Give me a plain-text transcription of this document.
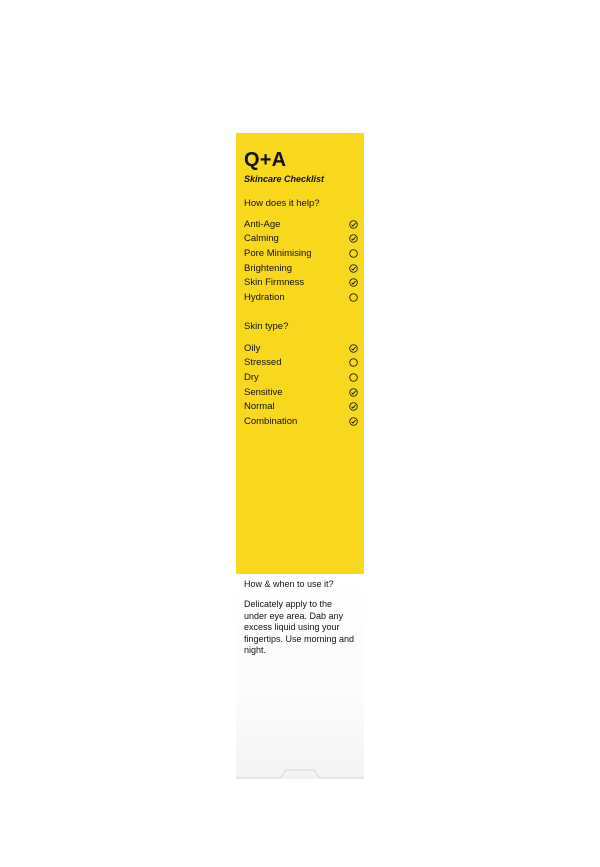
Q+A
Skincare Checklist
How does it help?
Anti-Age
Calming
Pore Minimising
Brightening
Skin Firmness
Hydration
Skin type?
Oily
Stressed
Dry
Sensitive
Normal
Combination
How & when to use it?
Delicately apply to the under eye area. Dab any excess liquid using your fingertips. Use morning and night.
